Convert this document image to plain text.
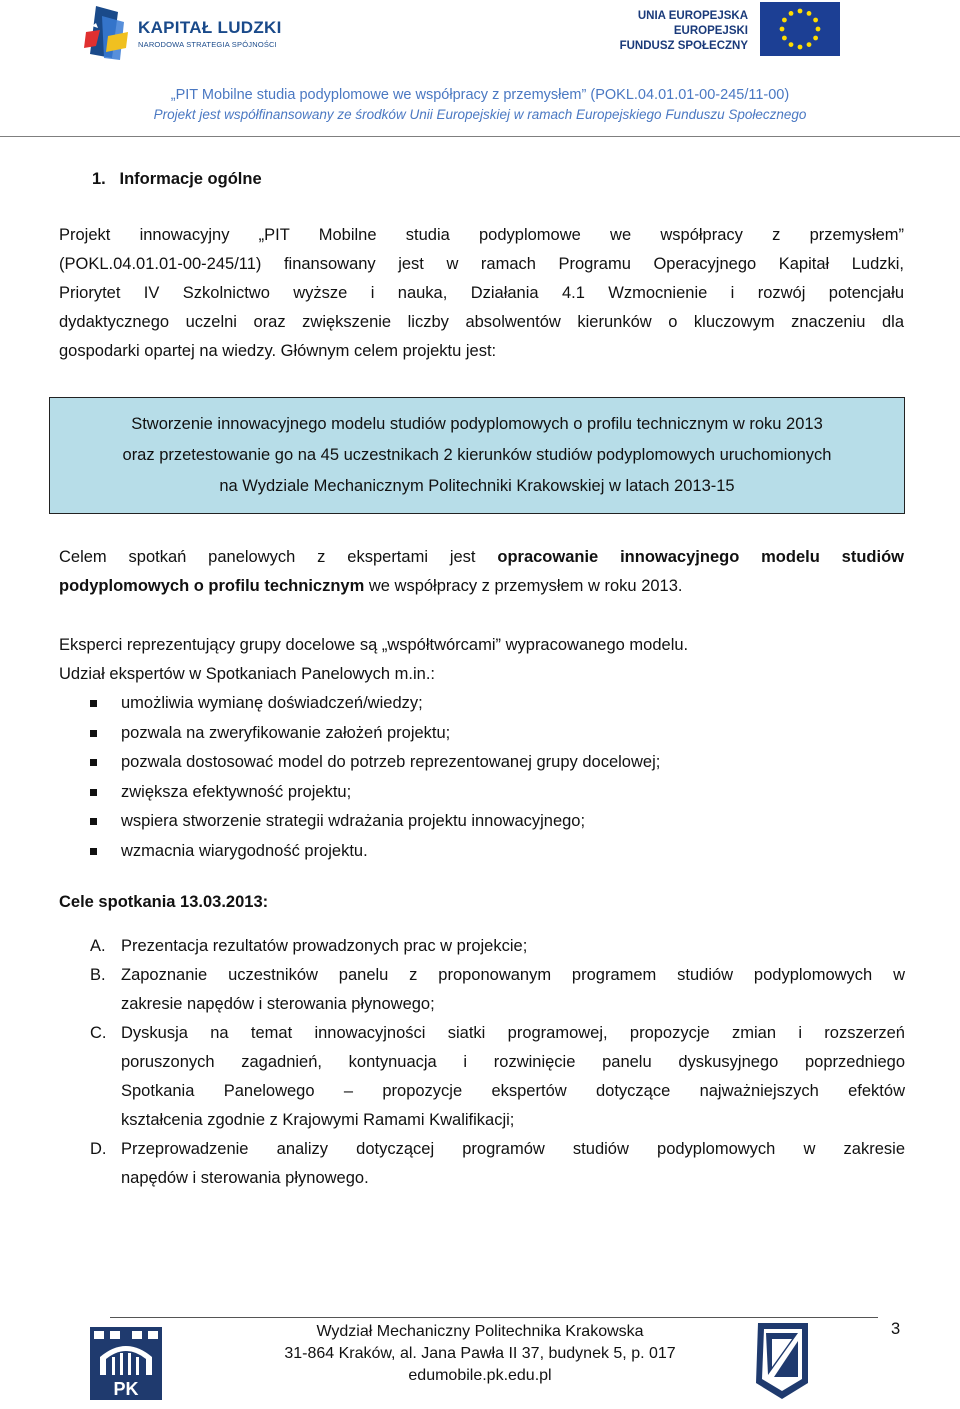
KAPITAŁ LUDZKI
NARODOWA STRATEGIA SPÓJNOŚCI
UNIA EUROPEJSKA
EUROPEJSKI
FUNDUSZ SPOŁECZNY
„PIT Mobilne studia podyplomowe we współpracy z przemysłem” (POKL.04.01.01-00-245/11-00)
Projekt jest współfinansowany ze środków Unii Europejskiej w ramach Europejskiego Funduszu Społecznego
1.   Informacje ogólne
Projekt innowacyjny „PIT Mobilne studia podyplomowe we współpracy z przemysłem”
(POKL.04.01.01-00-245/11) finansowany jest w ramach Programu Operacyjnego Kapitał Ludzki,
Priorytet IV Szkolnictwo wyższe i nauka, Działania 4.1 Wzmocnienie i rozwój potencjału
dydaktycznego uczelni oraz zwiększenie liczby absolwentów kierunków o kluczowym znaczeniu dla
gospodarki opartej na wiedzy. Głównym celem projektu jest:
Stworzenie innowacyjnego modelu studiów podyplomowych o profilu technicznym w roku 2013
oraz przetestowanie go na 45 uczestnikach 2 kierunków studiów podyplomowych uruchomionych
na Wydziale Mechanicznym Politechniki Krakowskiej w latach 2013-15
Celem spotkań panelowych z ekspertami jest opracowanie innowacyjnego modelu studiów
podyplomowych o profilu technicznym we współpracy z przemysłem w roku 2013.
Eksperci reprezentujący grupy docelowe są „współtwórcami” wypracowanego modelu.
Udział ekspertów w Spotkaniach Panelowych m.in.:
umożliwia wymianę doświadczeń/wiedzy;
pozwala na zweryfikowanie założeń projektu;
pozwala dostosować model do potrzeb reprezentowanej grupy docelowej;
zwiększa efektywność projektu;
wspiera stworzenie strategii wdrażania projektu innowacyjnego;
wzmacnia wiarygodność projektu.
Cele spotkania 13.03.2013:
A. Prezentacja rezultatów prowadzonych prac w projekcie;
B. Zapoznanie uczestników panelu z proponowanym programem studiów podyplomowych w
zakresie napędów i sterowania płynowego;
C. Dyskusja na temat innowacyjności siatki programowej, propozycje zmian i rozszerzeń
poruszonych zagadnień, kontynuacja i rozwinięcie panelu dyskusyjnego poprzedniego
Spotkania Panelowego – propozycje ekspertów dotyczące najważniejszych efektów
kształcenia zgodnie z Krajowymi Ramami Kwalifikacji;
D. Przeprowadzenie analizy dotyczącej programów studiów podyplomowych w zakresie
napędów i sterowania płynowego.
3
PK
Wydział Mechaniczny Politechnika Krakowska
31-864 Kraków, al. Jana Pawła II 37, budynek 5, p. 017
edumobile.pk.edu.pl
